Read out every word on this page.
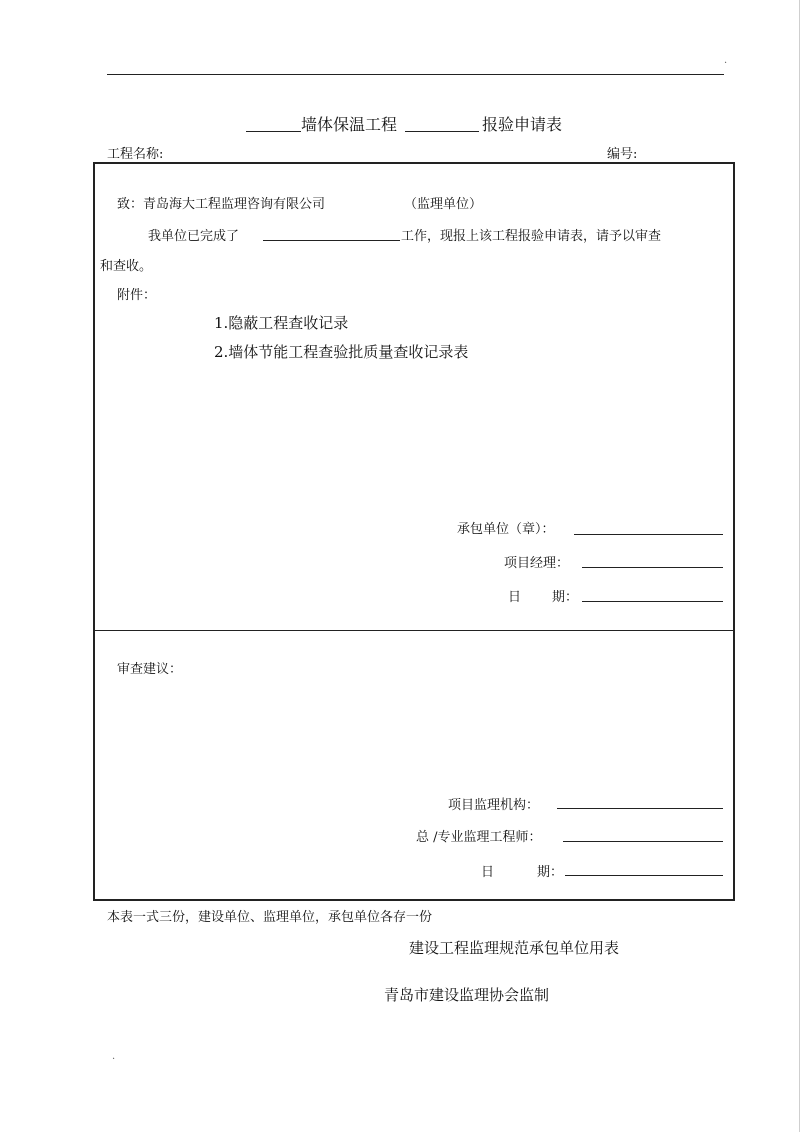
·
墙体保温工程	报验申请表
工程名称:	编号:
致：青岛海大工程监理咨询有限公司	（监理单位）
我单位已完成了	工作，现报上该工程报验申请表，请予以审查
和查收。
附件：
1.隐蔽工程查收记录
2.墙体节能工程查验批质量查收记录表
承包单位（章）：
项目经理：
日 期：
审查建议：
项目监理机构：
总 /专业监理工程师：
日	期：
本表一式三份，建设单位、监理单位，承包单位各存一份
建设工程监理规范承包单位用表
青岛市建设监理协会监制
·
